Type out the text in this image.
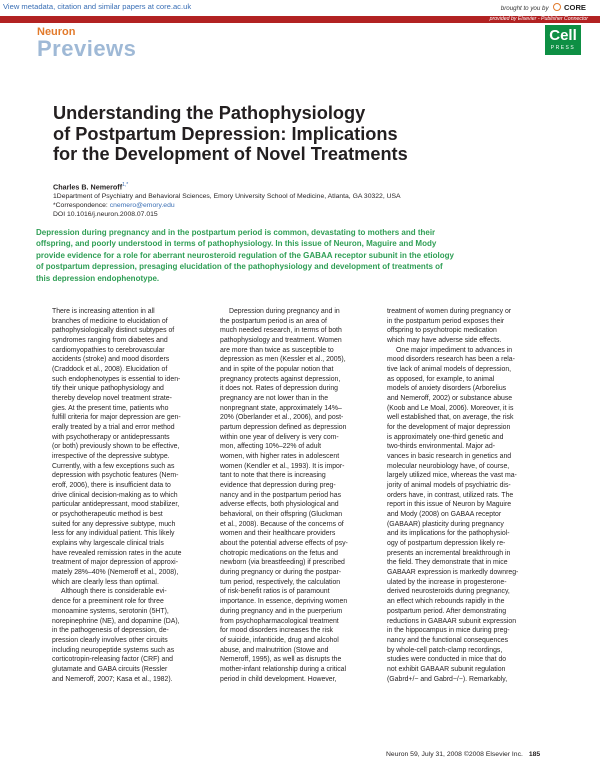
View metadata, citation and similar papers at core.ac.uk	brought to you by CORE
provided by Elsevier - Publisher Connector
Neuron
Previews
Cell
PRESS
Understanding the Pathophysiology
of Postpartum Depression: Implications
for the Development of Novel Treatments
Charles B. Nemeroff$^{1,*}$
1Department of Psychiatry and Behavioral Sciences, Emory University School of Medicine, Atlanta, GA 30322, USA
*Correspondence: cnemero@emory.edu
DOI 10.1016/j.neuron.2008.07.015
Depression during pregnancy and in the postpartum period is common, devastating to mothers and their
offspring, and poorly understood in terms of pathophysiology. In this issue of Neuron, Maguire and Mody
provide evidence for a role for aberrant neurosteroid regulation of the GABAA receptor subunit in the etiology
of postpartum depression, presaging elucidation of the pathophysiology and development of treatments of
this depression endophenotype.
There is increasing attention in all
branches of medicine to elucidation of
pathophysiologically distinct subtypes of
syndromes ranging from diabetes and
cardiomyopathies to cerebrovascular
accidents (stroke) and mood disorders
(Craddock et al., 2008). Elucidation of
such endophenotypes is essential to iden-
tify their unique pathophysiology and
thereby develop novel treatment strate-
gies. At the present time, patients who
fulfill criteria for major depression are gen-
erally treated by a trial and error method
with psychotherapy or antidepressants
(or both) previously shown to be effective,
irrespective of the depressive subtype.
Currently, with a few exceptions such as
depression with psychotic features (Nem-
eroff, 2006), there is insufficient data to
drive clinical decision-making as to which
particular antidepressant, mood stabilizer,
or psychotherapeutic method is best
suited for any depressive subtype, much
less for any individual patient. This likely
explains why largescale clinical trials
have revealed remission rates in the acute
treatment of major depression of approxi-
mately 28%–40% (Nemeroff et al., 2008),
which are clearly less than optimal.
Although there is considerable evi-
dence for a preeminent role for three
monoamine systems, serotonin (5HT),
norepinephrine (NE), and dopamine (DA),
in the pathogenesis of depression, de-
pression clearly involves other circuits
including neuropeptide systems such as
corticotropin-releasing factor (CRF) and
glutamate and GABA circuits (Ressler
and Nemeroff, 2007; Kasa et al., 1982).
Depression during pregnancy and in
the postpartum period is an area of
much needed research, in terms of both
pathophysiology and treatment. Women
are more than twice as susceptible to
depression as men (Kessler et al., 2005),
and in spite of the popular notion that
pregnancy protects against depression,
it does not. Rates of depression during
pregnancy are not lower than in the
nonpregnant state, approximately 14%–
20% (Oberlander et al., 2006), and post-
partum depression defined as depression
within one year of delivery is very com-
mon, affecting 10%–22% of adult
women, with higher rates in adolescent
women (Kendler et al., 1993). It is impor-
tant to note that there is increasing
evidence that depression during preg-
nancy and in the postpartum period has
adverse effects, both physiological and
behavioral, on their offspring (Gluckman
et al., 2008). Because of the concerns of
women and their healthcare providers
about the potential adverse effects of psy-
chotropic medications on the fetus and
newborn (via breastfeeding) if prescribed
during pregnancy or during the postpar-
tum period, respectively, the calculation
of risk-benefit ratios is of paramount
importance. In essence, depriving women
during pregnancy and in the puerperium
from psychopharmacological treatment
for mood disorders increases the risk
of suicide, infanticide, drug and alcohol
abuse, and malnutrition (Stowe and
Nemeroff, 1995), as well as disrupts the
mother-infant relationship during a critical
period in child development. However,
treatment of women during pregnancy or
in the postpartum period exposes their
offspring to psychotropic medication
which may have adverse side effects.
One major impediment to advances in
mood disorders research has been a rela-
tive lack of animal models of depression,
as opposed, for example, to animal
models of anxiety disorders (Arborelius
and Nemeroff, 2002) or substance abuse
(Koob and Le Moal, 2006). Moreover, it is
well established that, on average, the risk
for the development of major depression
is approximately one-third genetic and
two-thirds environmental. Major ad-
vances in basic research in genetics and
molecular neurobiology have, of course,
largely utilized mice, whereas the vast ma-
jority of animal models of psychiatric dis-
orders have, in contrast, utilized rats. The
report in this issue of Neuron by Maguire
and Mody (2008) on GABAA receptor
(GABAAR) plasticity during pregnancy
and its implications for the pathophysiol-
ogy of postpartum depression likely re-
presents an incremental breakthrough in
the field. They demonstrate that in mice
GABAAR expression is markedly downreg-
ulated by the increase in progesterone-
derived neurosteroids during pregnancy,
an effect which rebounds rapidly in the
postpartum period. After demonstrating
reductions in GABAAR subunit expression
in the hippocampus in mice during preg-
nancy and the functional consequences
by whole-cell patch-clamp recordings,
studies were conducted in mice that do
not exhibit GABAAR subunit regulation
(Gabrd+/− and Gabrd−/−). Remarkably,
Neuron 59, July 31, 2008 ©2008 Elsevier Inc. 185
